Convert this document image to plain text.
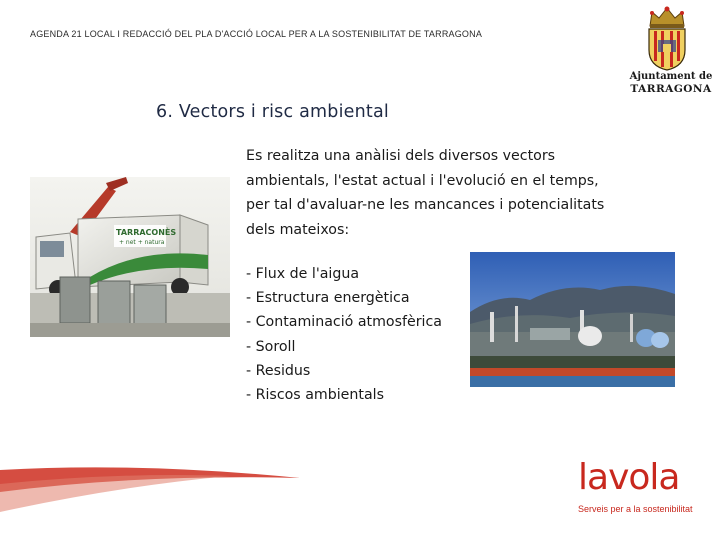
AGENDA 21 LOCAL I REDACCIÓ DEL PLA D'ACCIÓ LOCAL PER A LA SOSTENIBILITAT DE TARRAGONA
Ajuntament de
TARRAGONA
6. Vectors i risc ambiental
Es realitza una anàlisi dels diversos vectors
ambientals, l'estat actual i l'evolució en el temps,
per tal d'avaluar-ne les mancances i potencialitats
dels mateixos:
- Flux de l'aigua
- Estructura energètica
- Contaminació atmosfèrica
- Soroll
- Residus
- Riscos ambientals
TARRACONÈS
+ net + natura
lavola
Serveis per a la sostenibilitat
